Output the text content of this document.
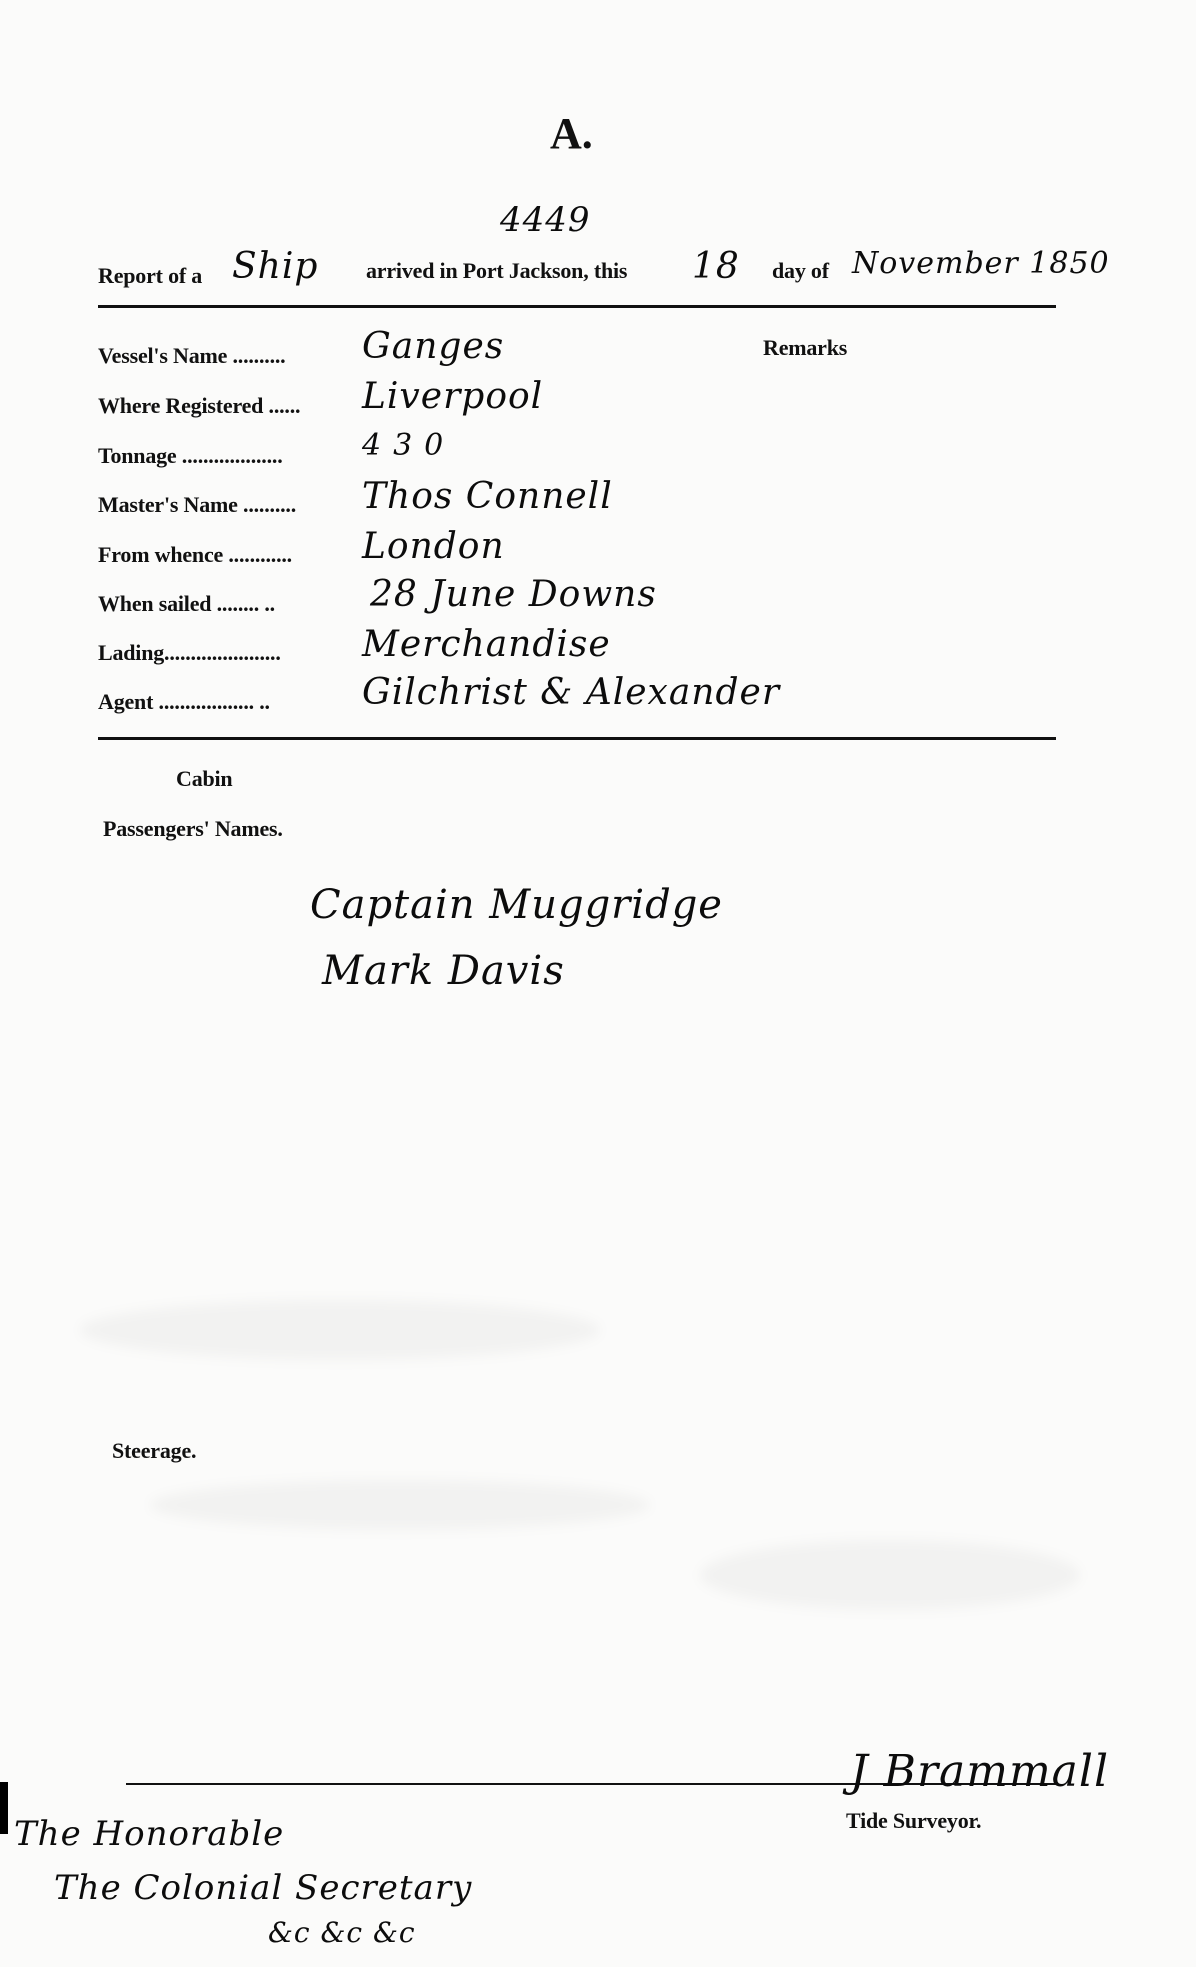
A.
4449
Report of a Ship arrived in Port Jackson, this 18 day of November 1850
Remarks
Vessel's Name .......... Ganges
Where Registered ...... Liverpool
Tonnage ...................	430
Master's Name .......... Thos Connell
From whence ............ London
When sailed ........ ..	28 June Downs
Lading...................... Merchandise
Agent .................. ..	Gilchrist & Alexander
Cabin
Passengers' Names.
Captain Muggridge
Mark Davis
Steerage.
J Brammall
Tide Surveyor.
The Honorable
The Colonial Secretary
&c &c &c
